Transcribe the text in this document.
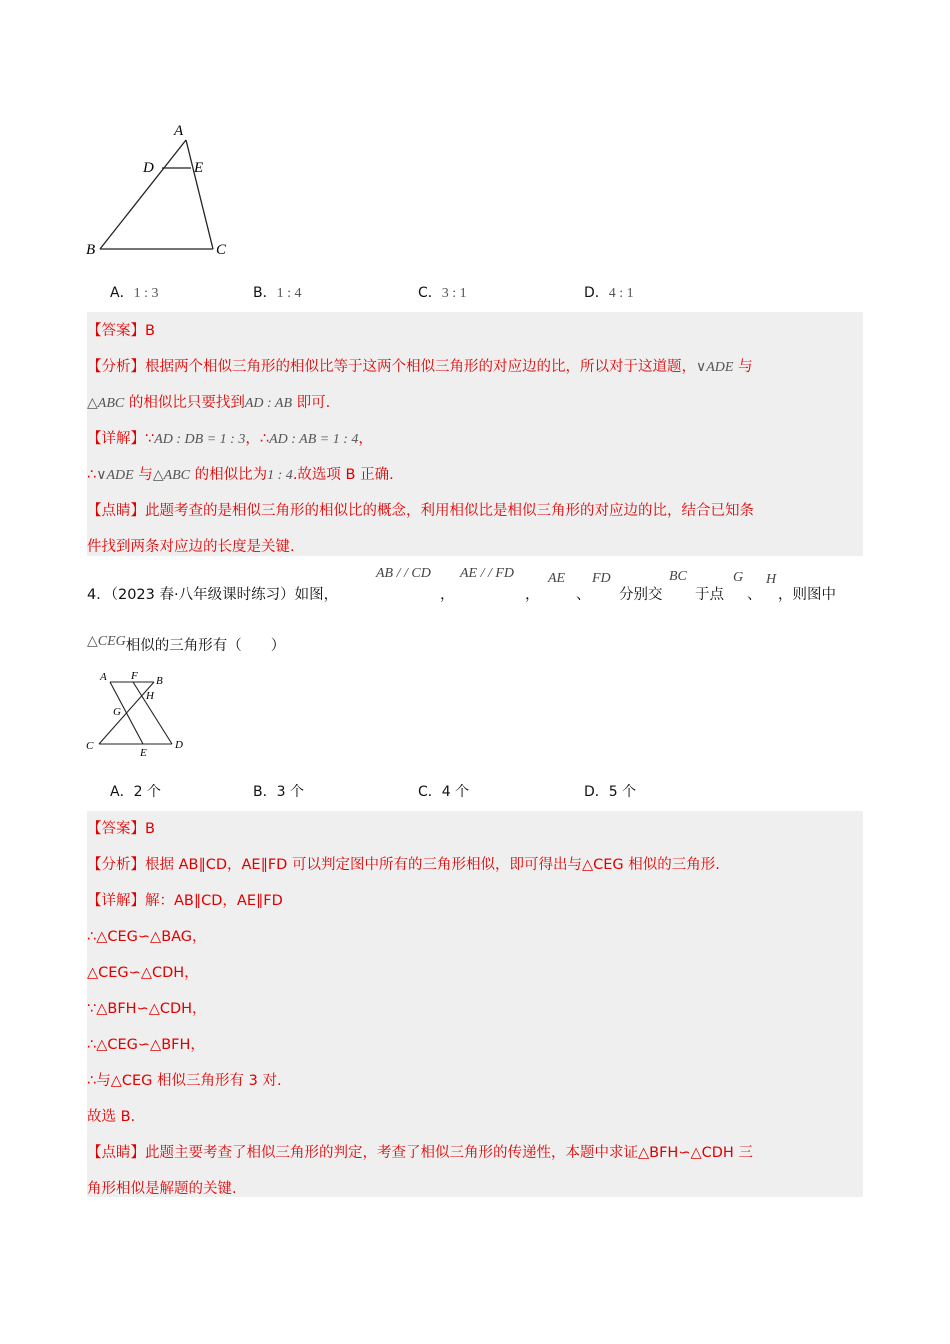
A
D	E
B	C
A．1 : 3	B．1 : 4	C．3 : 1	D．4 : 1
【答案】B
【分析】根据两个相似三角形的相似比等于这两个相似三角形的对应边的比，所以对于这道题，∨ADE 与
△ABC 的相似比只要找到AD : AB 即可.
【详解】∵AD : DB = 1 : 3，∴AD : AB = 1 : 4，
∴∨ADE 与△ABC 的相似比为1 : 4.故选项 B 正确.
【点睛】此题考查的是相似三角形的相似比的概念，利用相似比是相似三角形的对应边的比，结合已知条
件找到两条对应边的长度是关键.
4．（2023 春·八年级课时练习）如图，
AB / / CD
，
AE / / FD
，
AE
、
FD
分别交
BC
于点
G
、
H
，则图中
△CEG相似的三角形有（　　）
A F B
H
G
C
E
D
A．2 个	B．3 个	C．4 个	D．5 个
【答案】B
【分析】根据 AB∥CD，AE∥FD 可以判定图中所有的三角形相似，即可得出与△CEG 相似的三角形.
【详解】解：AB∥CD，AE∥FD
∴△CEG∽△BAG，
△CEG∽△CDH，
∵△BFH∽△CDH，
∴△CEG∽△BFH，
∴与△CEG 相似三角形有 3 对.
故选 B.
【点睛】此题主要考查了相似三角形的判定，考查了相似三角形的传递性，本题中求证△BFH∽△CDH 三
角形相似是解题的关键.
